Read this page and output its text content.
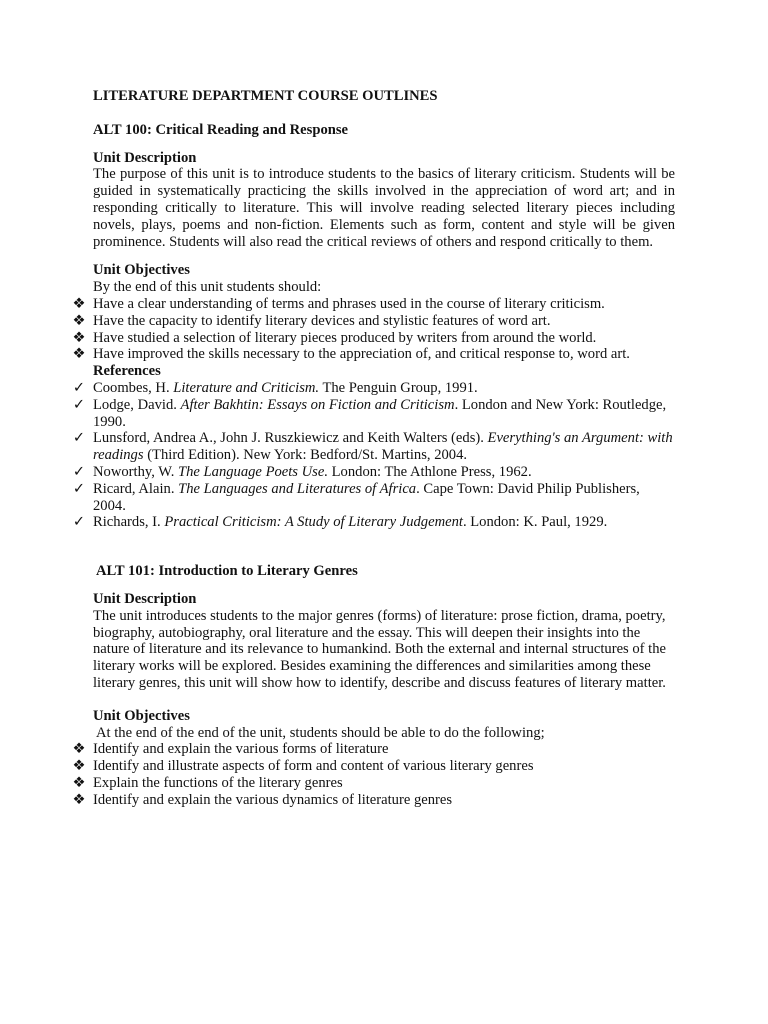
LITERATURE DEPARTMENT COURSE OUTLINES

ALT 100: Critical Reading and Response

Unit Description

The purpose of this unit is to introduce students to the basics of literary criticism. Students will be guided in systematically practicing the skills involved in the appreciation of word art; and in responding critically to literature. This will involve reading selected literary pieces including novels, plays, poems and non-fiction. Elements such as form, content and style will be given prominence. Students will also read the critical reviews of others and respond critically to them.

Unit Objectives

By the end of this unit students should:

❖ Have a clear understanding of terms and phrases used in the course of literary criticism.
❖ Have the capacity to identify literary devices and stylistic features of word art.
❖ Have studied a selection of literary pieces produced by writers from around the world.
❖ Have improved the skills necessary to the appreciation of, and critical response to, word art.

References

✓ Coombes, H. Literature and Criticism. The Penguin Group, 1991.
✓ Lodge, David. After Bakhtin: Essays on Fiction and Criticism. London and New York: Routledge, 1990.
✓ Lunsford, Andrea A., John J. Ruszkiewicz and Keith Walters (eds). Everything's an Argument: with readings (Third Edition). New York: Bedford/St. Martins, 2004.
✓ Noworthy, W. The Language Poets Use. London: The Athlone Press, 1962.
✓ Ricard, Alain. The Languages and Literatures of Africa. Cape Town: David Philip Publishers, 2004.
✓ Richards, I. Practical Criticism: A Study of Literary Judgement. London: K. Paul, 1929.

ALT 101: Introduction to Literary Genres

Unit Description

The unit introduces students to the major genres (forms) of literature: prose fiction, drama, poetry, biography, autobiography, oral literature and the essay. This will deepen their insights into the nature of literature and its relevance to humankind. Both the external and internal structures of the literary works will be explored. Besides examining the differences and similarities among these literary genres, this unit will show how to identify, describe and discuss features of literary matter.

Unit Objectives

At the end of the end of the unit, students should be able to do the following;

❖ Identify and explain the various forms of literature
❖ Identify and illustrate aspects of form and content of various literary genres
❖ Explain the functions of the literary genres
❖ Identify and explain the various dynamics of literature genres
